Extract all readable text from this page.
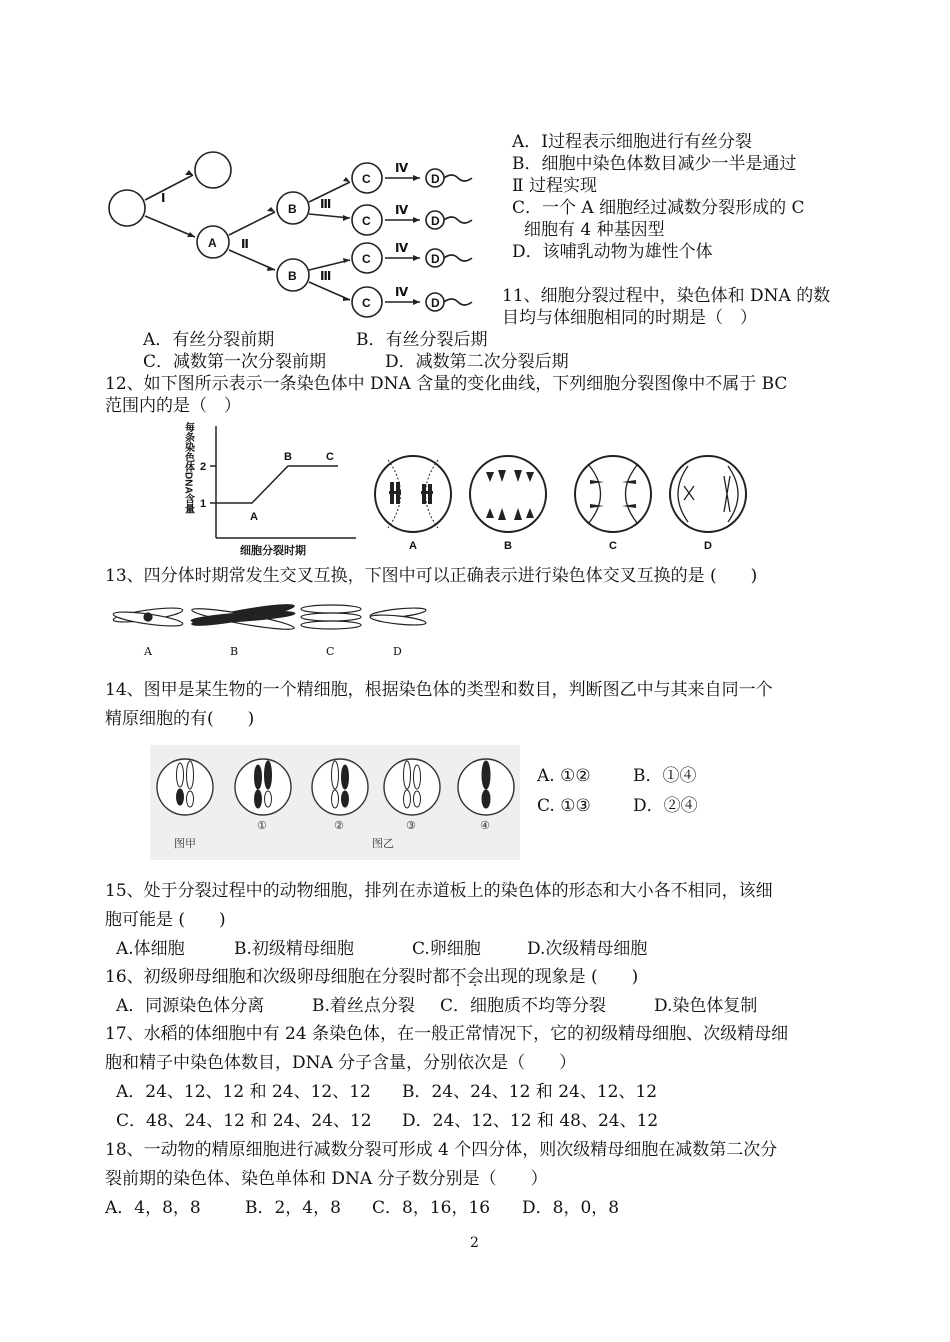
Ⅰ
A Ⅱ
B
B
Ⅲ
Ⅲ
C
C
C
C
Ⅳ
Ⅳ
Ⅳ
Ⅳ
D
D
D
D
A．Ⅰ过程表示细胞进行有丝分裂
B．细胞中染色体数目减少一半是通过
Ⅱ 过程实现
C．一个 A 细胞经过减数分裂形成的 C
细胞有 4 种基因型
D．该哺乳动物为雄性个体
11、细胞分裂过程中，染色体和 DNA 的数
目均与体细胞相同的时期是（　）
A．有丝分裂前期	B．有丝分裂后期
C．减数第一次分裂前期	D．减数第二次分裂后期
12、如下图所示表示一条染色体中 DNA 含量的变化曲线，下列细胞分裂图像中不属于 BC
范围内的是（　）
2
1
A
B	C
细胞分裂时期
每条染色体DNA含量
A	B	C	D
13、四分体时期常发生交叉互换，下图中可以正确表示进行染色体交叉互换的是 (　　)
A	B	C	D
14、图甲是某生物的一个精细胞，根据染色体的类型和数目，判断图乙中与其来自同一个
精原细胞的有(　　)
图甲
①	②	③	④
图乙
A. ①② B．①④
C. ①③ D．②④
15、处于分裂过程中的动物细胞，排列在赤道板上的染色体的形态和大小各不相同，该细
胞可能是 (　　)
A.体细胞	B.初级精母细胞	C.卵细胞	D.次级精母细胞
16、初级卵母细胞和次级卵母细胞在分裂时都不会出现的现象是 (　　)
A．同源染色体分离	B.着丝点分裂 C．细胞质不均等分裂	D.染色体复制
17、水稻的体细胞中有 24 条染色体，在一般正常情况下，它的初级精母细胞、次级精母细
胞和精子中染色体数目，DNA 分子含量，分别依次是（　　）
A．24、12、12 和 24、12、12 B．24、24、12 和 24、12、12
C．48、24、12 和 24、24、12 D．24、12、12 和 48、24、12
18、一动物的精原细胞进行减数分裂可形成 4 个四分体，则次级精母细胞在减数第二次分
裂前期的染色体、染色单体和 DNA 分子数分别是（　　）
A．4，8，8	B．2，4，8 C．8，16，16 D．8，0，8
2
